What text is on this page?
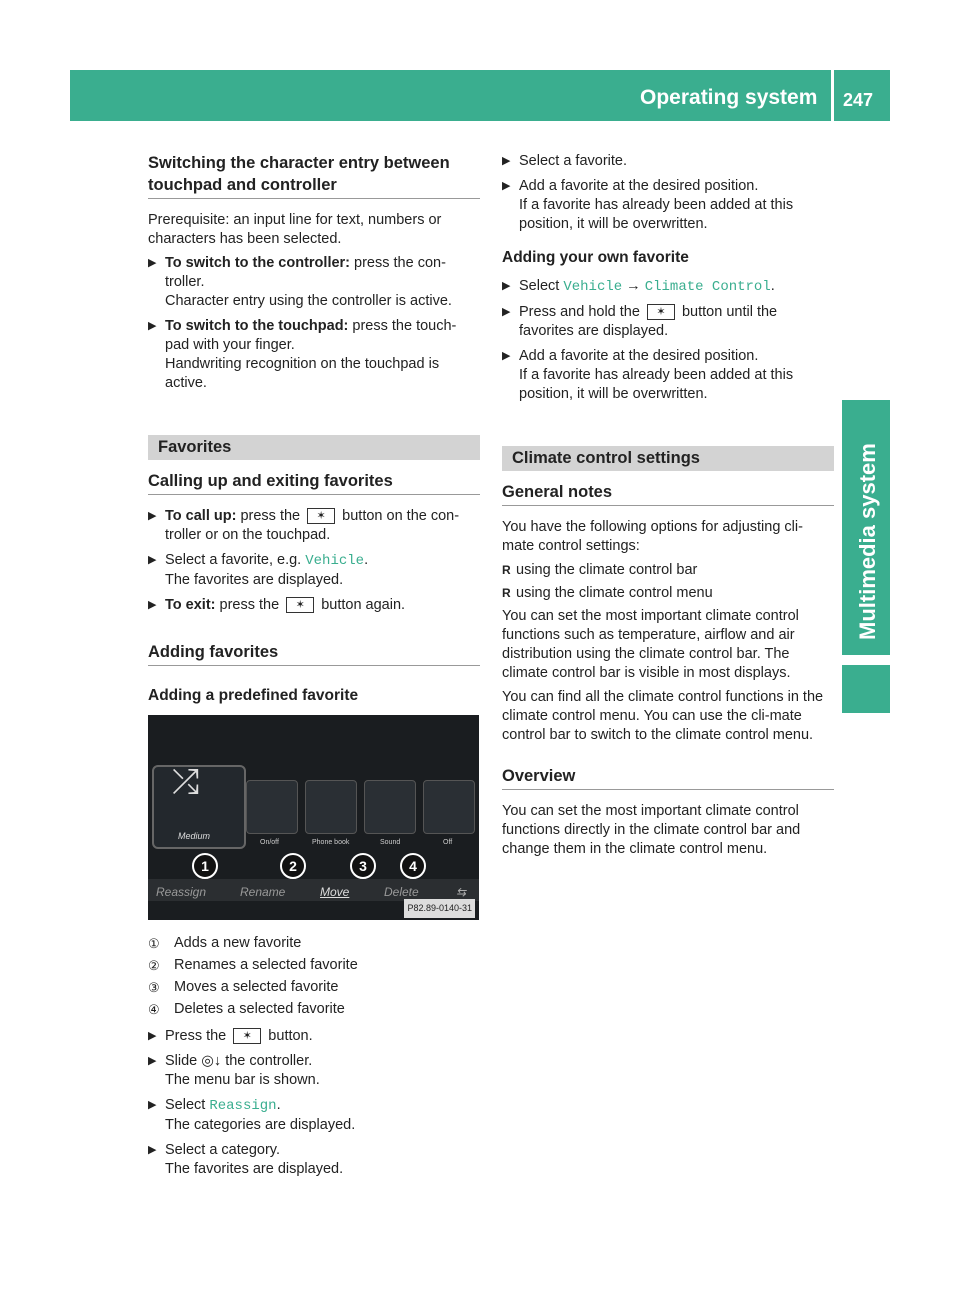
Operating system 247
Multimedia system
Switching the character entry between touchpad and controller

Prerequisite: an input line for text, numbers or characters has been selected.

▶ To switch to the controller: press the con-troller.
Character entry using the controller is active.
▶ To switch to the touchpad: press the touch-pad with your finger.
Handwriting recognition on the touchpad is active.
Favorites
Calling up and exiting favorites
▶ To call up: press the ✶ button on the con-troller or on the touchpad.
▶ Select a favorite, e.g. Vehicle.
The favorites are displayed.
▶ To exit: press the ✶ button again.
Adding favorites
Adding a predefined favorite
⤮
Medium
On/off	Phone book	Sound	Off
1	2	3	4
Reassign	Rename	Move	Delete	⇆
P82.89-0140-31
① Adds a new favorite
② Renames a selected favorite
③ Moves a selected favorite
④ Deletes a selected favorite
▶ Press the ✶ button.
▶ Slide ◎↓ the controller.
The menu bar is shown.
▶ Select Reassign.
The categories are displayed.
▶ Select a category.
The favorites are displayed.
▶ Select a favorite.
▶ Add a favorite at the desired position.
If a favorite has already been added at this position, it will be overwritten.
Adding your own favorite
▶ Select Vehicle → Climate Control.
▶ Press and hold the ✶ button until the favorites are displayed.
▶ Add a favorite at the desired position.
If a favorite has already been added at this position, it will be overwritten.
Climate control settings
General notes

You have the following options for adjusting cli-mate control settings:

R using the climate control bar
R using the climate control menu

You can set the most important climate control functions such as temperature, airflow and air distribution using the climate control bar. The climate control bar is visible in most displays.

You can find all the climate control functions in the climate control menu. You can use the cli-mate control bar to switch to the climate control menu.

Overview

You can set the most important climate control functions directly in the climate control bar and change them in the climate control menu.
